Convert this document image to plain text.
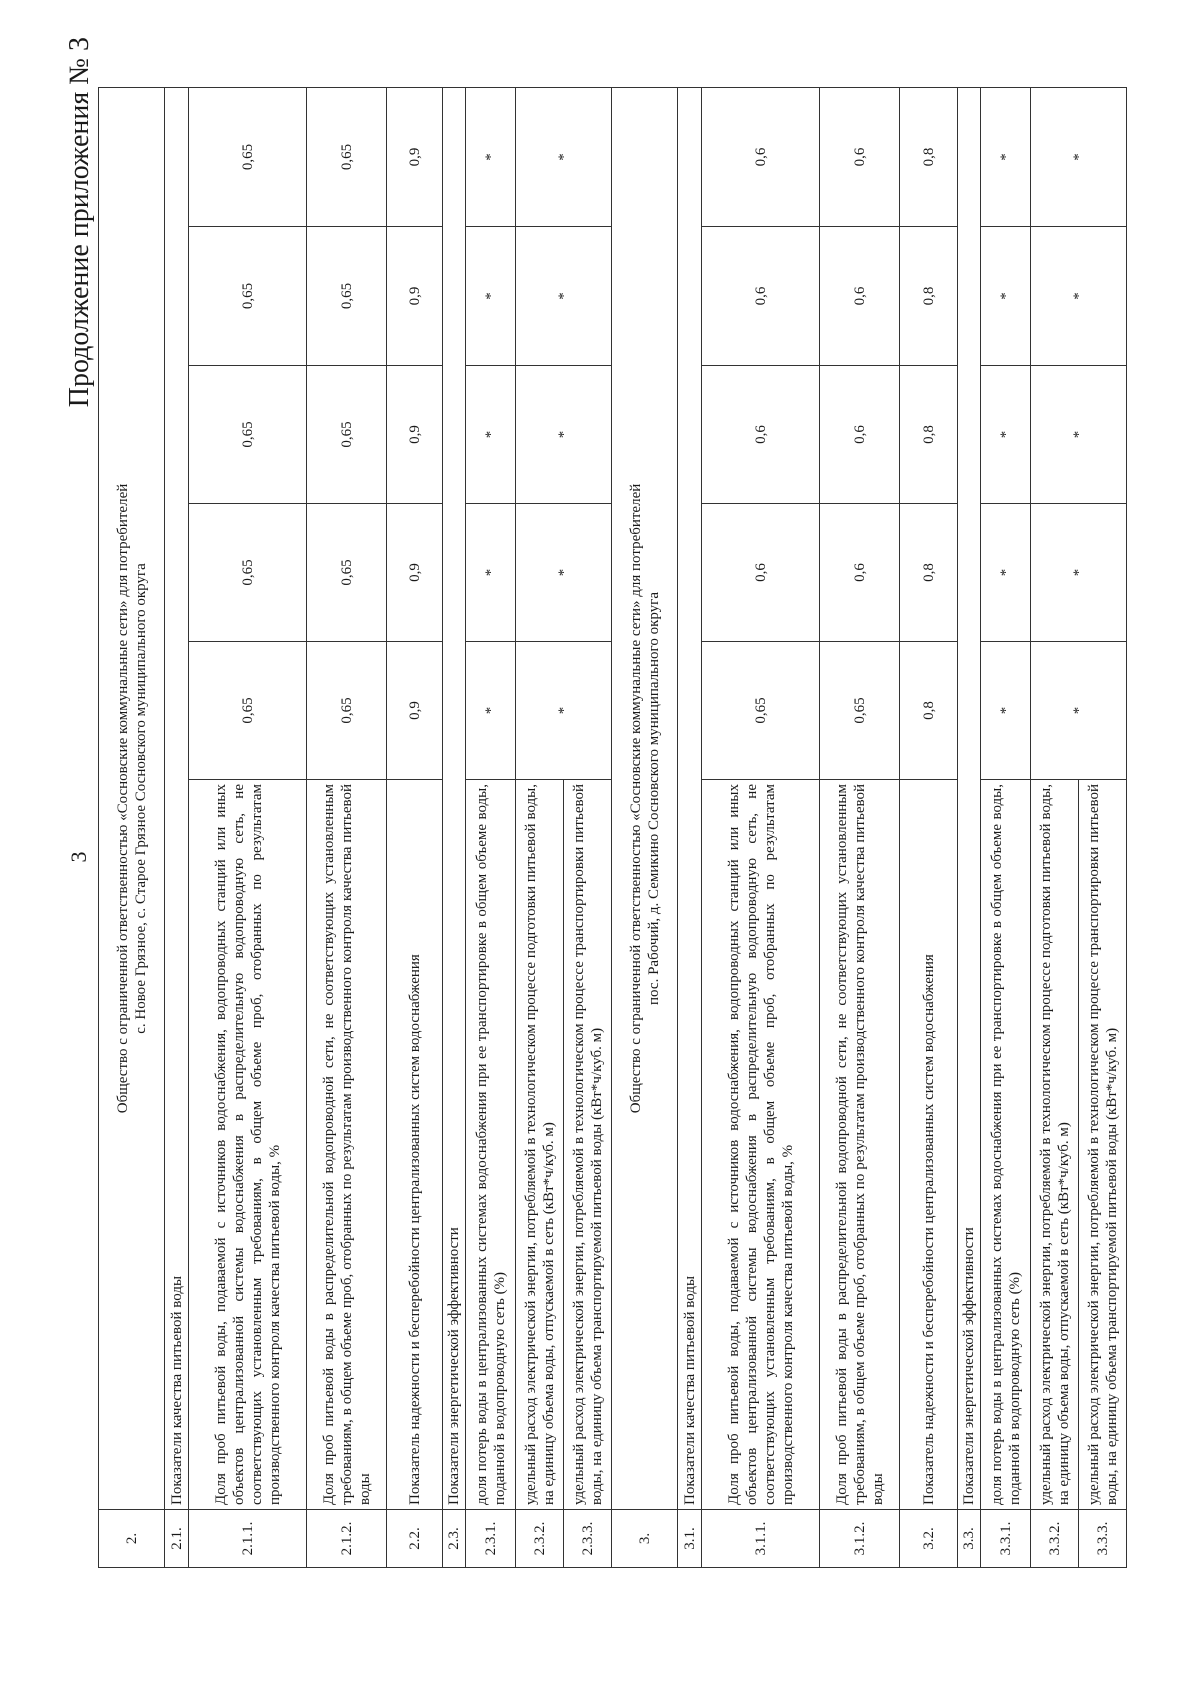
3
Продолжение приложения № 3
2.	Общество с ограниченной ответственностью «Сосновские коммунальные сети» для потребителей с. Новое Грязное, с. Старое Грязное Сосновского муниципального округа					

2.1.	Показатели качества питьевой воды					
2.1.1.	Доля проб питьевой воды, подаваемой с источников водоснабжения, водопроводных станций или иных объектов централизованной системы водоснабжения в распределительную водопроводную сеть, не соответствующих установленным требованиям, в общем объеме проб, отобранных по результатам производственного контроля качества питьевой воды, %	0,65	0,65	0,65	0,65	0,65
2.1.2.	Доля проб питьевой воды в распределительной водопроводной сети, не соответствующих установленным требованиям, в общем объеме проб, отобранных по результатам производственного контроля качества питьевой воды	0,65	0,65	0,65	0,65	0,65
2.2.	Показатель надежности и бесперебойности централизованных систем водоснабжения	0,9	0,9	0,9	0,9	0,9
2.3.	Показатели энергетической эффективности					
2.3.1.	доля потерь воды в централизованных системах водоснабжения при ее транспортировке в общем объеме воды, поданной в водопроводную сеть (%)	*	*	*	*	*
2.3.2.	удельный расход электрической энергии, потребляемой в технологическом процессе подготовки питьевой воды, на единицу объема воды, отпускаемой в сеть (кВт*ч/куб. м)	*	*	*	*	*
2.3.3.	удельный расход электрической энергии, потребляемой в технологическом процессе транспортировки питьевой воды, на единицу объема транспортируемой питьевой воды (кВт*ч/куб. м)					
3.	Общество с ограниченной ответственностью «Сосновские коммунальные сети» для потребителей пос. Рабочий, д. Семикино Сосновского муниципального округа					

3.1.	Показатели качества питьевой воды					
3.1.1.	Доля проб питьевой воды, подаваемой с источников водоснабжения, водопроводных станций или иных объектов централизованной системы водоснабжения в распределительную водопроводную сеть, не соответствующих установленным требованиям, в общем объеме проб, отобранных по результатам производственного контроля качества питьевой воды, %	0,65	0,6	0,6	0,6	0,6
3.1.2.	Доля проб питьевой воды в распределительной водопроводной сети, не соответствующих установленным требованиям, в общем объеме проб, отобранных по результатам производственного контроля качества питьевой воды	0,65	0,6	0,6	0,6	0,6
3.2.	Показатель надежности и бесперебойности централизованных систем водоснабжения	0,8	0,8	0,8	0,8	0,8
3.3.	Показатели энергетической эффективности					
3.3.1.	доля потерь воды в централизованных системах водоснабжения при ее транспортировке в общем объеме воды, поданной в водопроводную сеть (%)	*	*	*	*	*
3.3.2.	удельный расход электрической энергии, потребляемой в технологическом процессе подготовки питьевой воды, на единицу объема воды, отпускаемой в сеть (кВт*ч/куб. м)	*	*	*	*	*
3.3.3.	удельный расход электрической энергии, потребляемой в технологическом процессе транспортировки питьевой воды, на единицу объема транспортируемой питьевой воды (кВт*ч/куб. м)					
